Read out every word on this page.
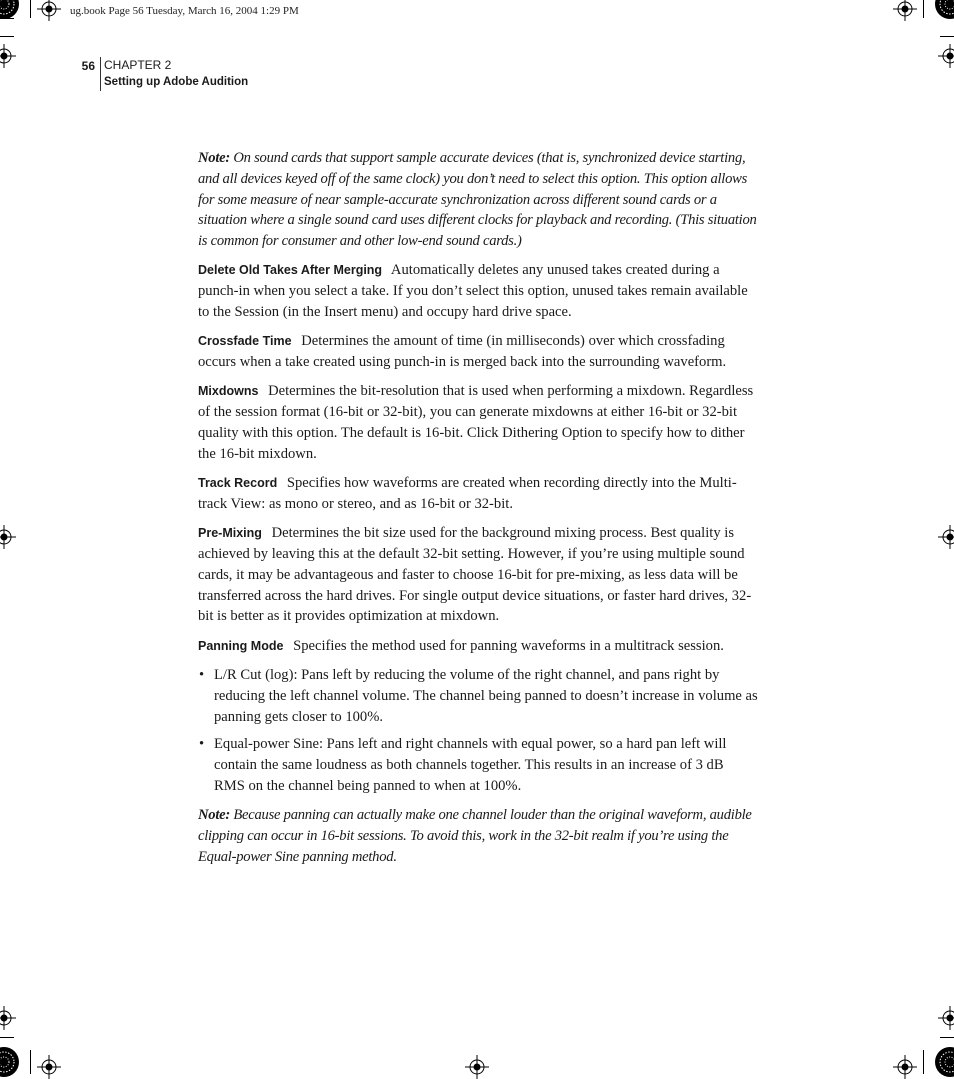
ug.book Page 56 Tuesday, March 16, 2004 1:29 PM
56 CHAPTER 2
Setting up Adobe Audition

Note: On sound cards that support sample accurate devices (that is, synchronized device starting, and all devices keyed off of the same clock) you don’t need to select this option. This option allows for some measure of near sample-accurate synchronization across different sound cards or a situation where a single sound card uses different clocks for playback and recording. (This situation is common for consumer and other low-end sound cards.)

Delete Old Takes After Merging Automatically deletes any unused takes created during a punch-in when you select a take. If you don’t select this option, unused takes remain available to the Session (in the Insert menu) and occupy hard drive space.

Crossfade Time Determines the amount of time (in milliseconds) over which crossfading occurs when a take created using punch-in is merged back into the surrounding waveform.

Mixdowns Determines the bit-resolution that is used when performing a mixdown. Regardless of the session format (16-bit or 32-bit), you can generate mixdowns at either 16-bit or 32-bit quality with this option. The default is 16-bit. Click Dithering Option to specify how to dither the 16-bit mixdown.

Track Record Specifies how waveforms are created when recording directly into the Multi-track View: as mono or stereo, and as 16-bit or 32-bit.

Pre-Mixing Determines the bit size used for the background mixing process. Best quality is achieved by leaving this at the default 32-bit setting. However, if you’re using multiple sound cards, it may be advantageous and faster to choose 16-bit for pre-mixing, as less data will be transferred across the hard drives. For single output device situations, or faster hard drives, 32-bit is better as it provides optimization at mixdown.

Panning Mode Specifies the method used for panning waveforms in a multitrack session.

• L/R Cut (log): Pans left by reducing the volume of the right channel, and pans right by reducing the left channel volume. The channel being panned to doesn’t increase in volume as panning gets closer to 100%.
• Equal-power Sine: Pans left and right channels with equal power, so a hard pan left will contain the same loudness as both channels together. This results in an increase of 3 dB RMS on the channel being panned to when at 100%.

Note: Because panning can actually make one channel louder than the original waveform, audible clipping can occur in 16-bit sessions. To avoid this, work in the 32-bit realm if you’re using the Equal-power Sine panning method.
